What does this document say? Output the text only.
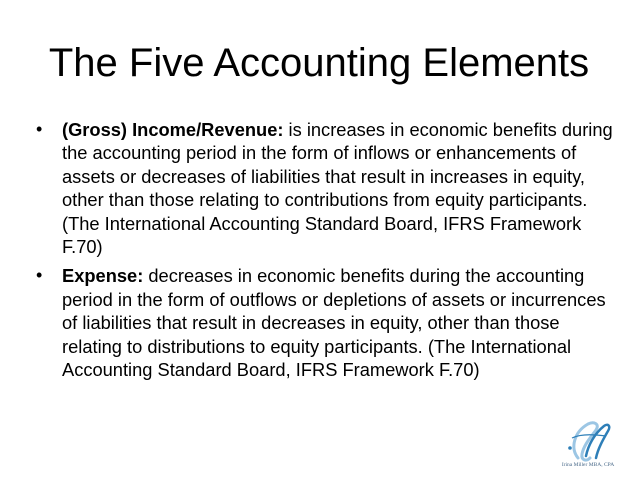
The Five Accounting Elements
• (Gross) Income/Revenue: is increases in economic benefits during the accounting period in the form of inflows or enhancements of assets or decreases of liabilities that result in increases in equity, other than those relating to contributions from equity participants. (The International Accounting Standard Board, IFRS Framework F.70)
• Expense: decreases in economic benefits during the accounting period in the form of outflows or depletions of assets or incurrences of liabilities that result in decreases in equity, other than those relating to distributions to equity participants. (The International Accounting Standard Board, IFRS Framework F.70)
Irina Miller MBA, CPA
